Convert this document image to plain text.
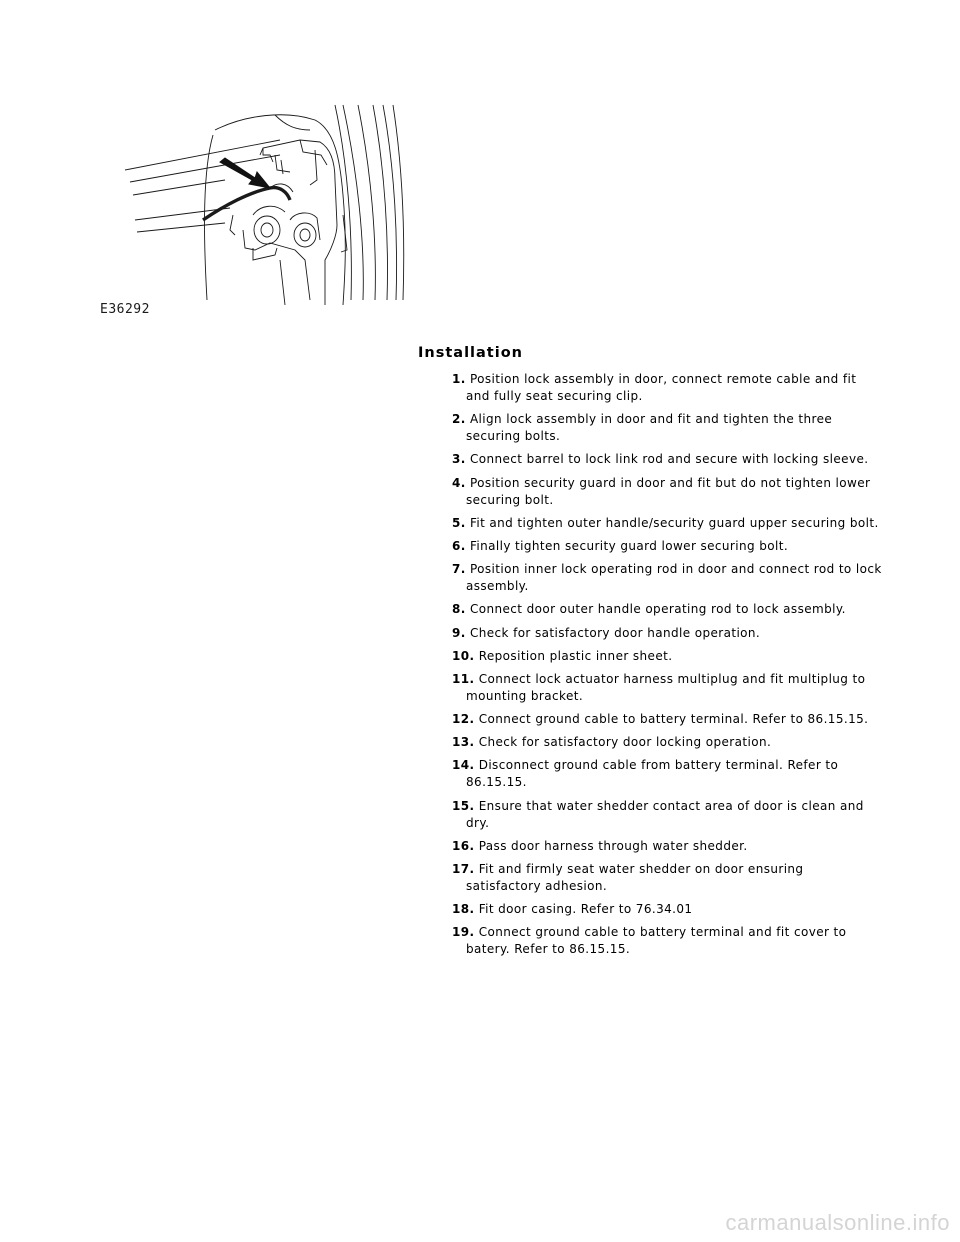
E36292
Installation
1. Position lock assembly in door, connect remote cable and fit and fully seat securing clip.
2. Align lock assembly in door and fit and tighten the three securing bolts.
3. Connect barrel to lock link rod and secure with locking sleeve.
4. Position security guard in door and fit but do not tighten lower securing bolt.
5. Fit and tighten outer handle/security guard upper securing bolt.
6. Finally tighten security guard lower securing bolt.
7. Position inner lock operating rod in door and connect rod to lock assembly.
8. Connect door outer handle operating rod to lock assembly.
9. Check for satisfactory door handle operation.
10. Reposition plastic inner sheet.
11. Connect lock actuator harness multiplug and fit multiplug to mounting bracket.
12. Connect ground cable to battery terminal. Refer to 86.15.15.
13. Check for satisfactory door locking operation.
14. Disconnect ground cable from battery terminal. Refer to 86.15.15.
15. Ensure that water shedder contact area of door is clean and dry.
16. Pass door harness through water shedder.
17. Fit and firmly seat water shedder on door ensuring satisfactory adhesion.
18. Fit door casing. Refer to 76.34.01
19. Connect ground cable to battery terminal and fit cover to batery. Refer to 86.15.15.
carmanualsonline.info
